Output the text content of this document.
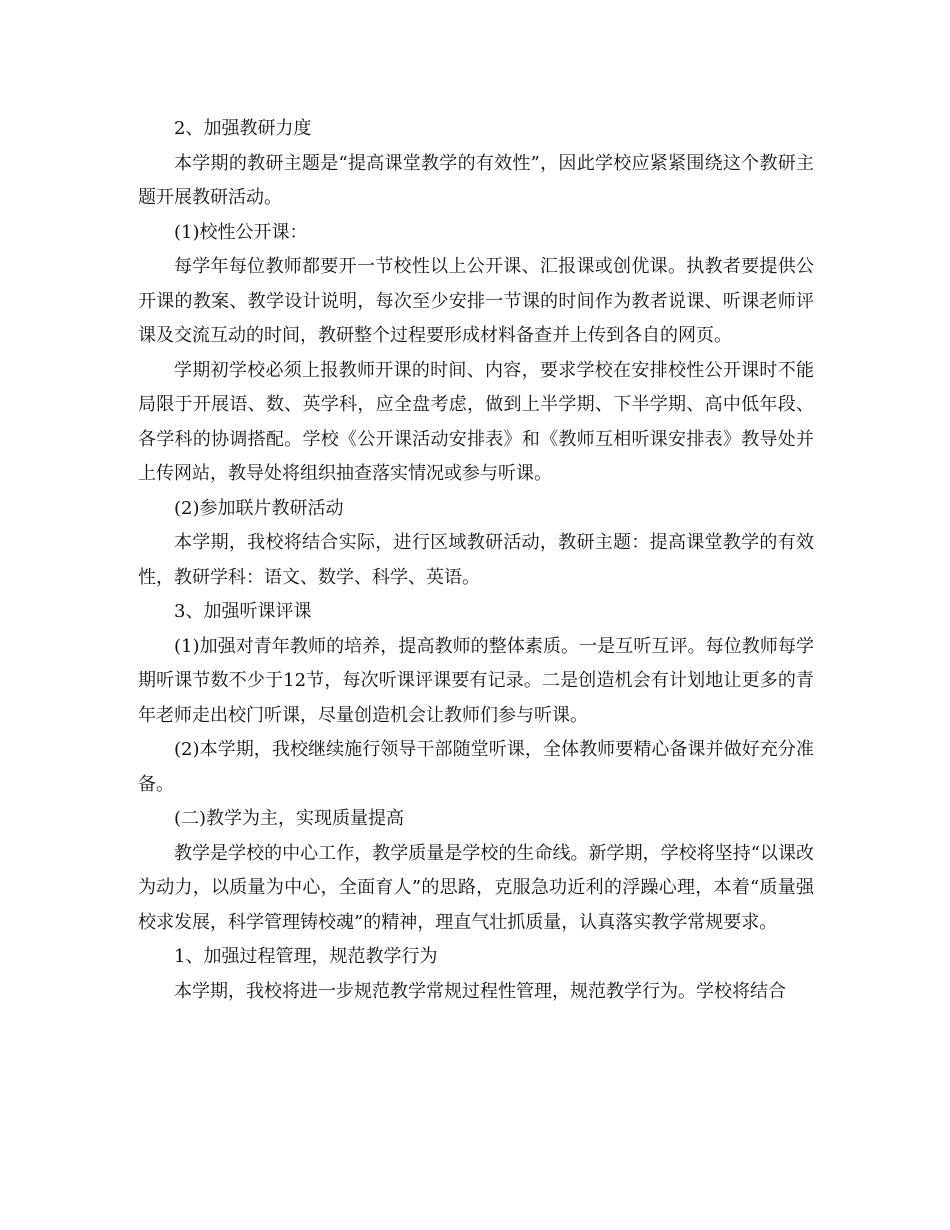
2、加强教研力度

本学期的教研主题是“提高课堂教学的有效性”，因此学校应紧紧围绕这个教研主题开展教研活动。

(1)校性公开课：

每学年每位教师都要开一节校性以上公开课、汇报课或创优课。执教者要提供公开课的教案、教学设计说明，每次至少安排一节课的时间作为教者说课、听课老师评课及交流互动的时间，教研整个过程要形成材料备查并上传到各自的网页。

学期初学校必须上报教师开课的时间、内容，要求学校在安排校性公开课时不能局限于开展语、数、英学科，应全盘考虑，做到上半学期、下半学期、高中低年段、各学科的协调搭配。学校《公开课活动安排表》和《教师互相听课安排表》教导处并上传网站，教导处将组织抽查落实情况或参与听课。

(2)参加联片教研活动

本学期，我校将结合实际，进行区域教研活动，教研主题：提高课堂教学的有效性，教研学科：语文、数学、科学、英语。

3、加强听课评课

(1)加强对青年教师的培养，提高教师的整体素质。一是互听互评。每位教师每学期听课节数不少于12节，每次听课评课要有记录。二是创造机会有计划地让更多的青年老师走出校门听课，尽量创造机会让教师们参与听课。

(2)本学期，我校继续施行领导干部随堂听课，全体教师要精心备课并做好充分准备。

(二)教学为主，实现质量提高

教学是学校的中心工作，教学质量是学校的生命线。新学期，学校将坚持“以课改为动力，以质量为中心，全面育人”的思路，克服急功近利的浮躁心理，本着“质量强校求发展，科学管理铸校魂”的精神，理直气壮抓质量，认真落实教学常规要求。

1、加强过程管理，规范教学行为

本学期，我校将进一步规范教学常规过程性管理，规范教学行为。学校将结合
